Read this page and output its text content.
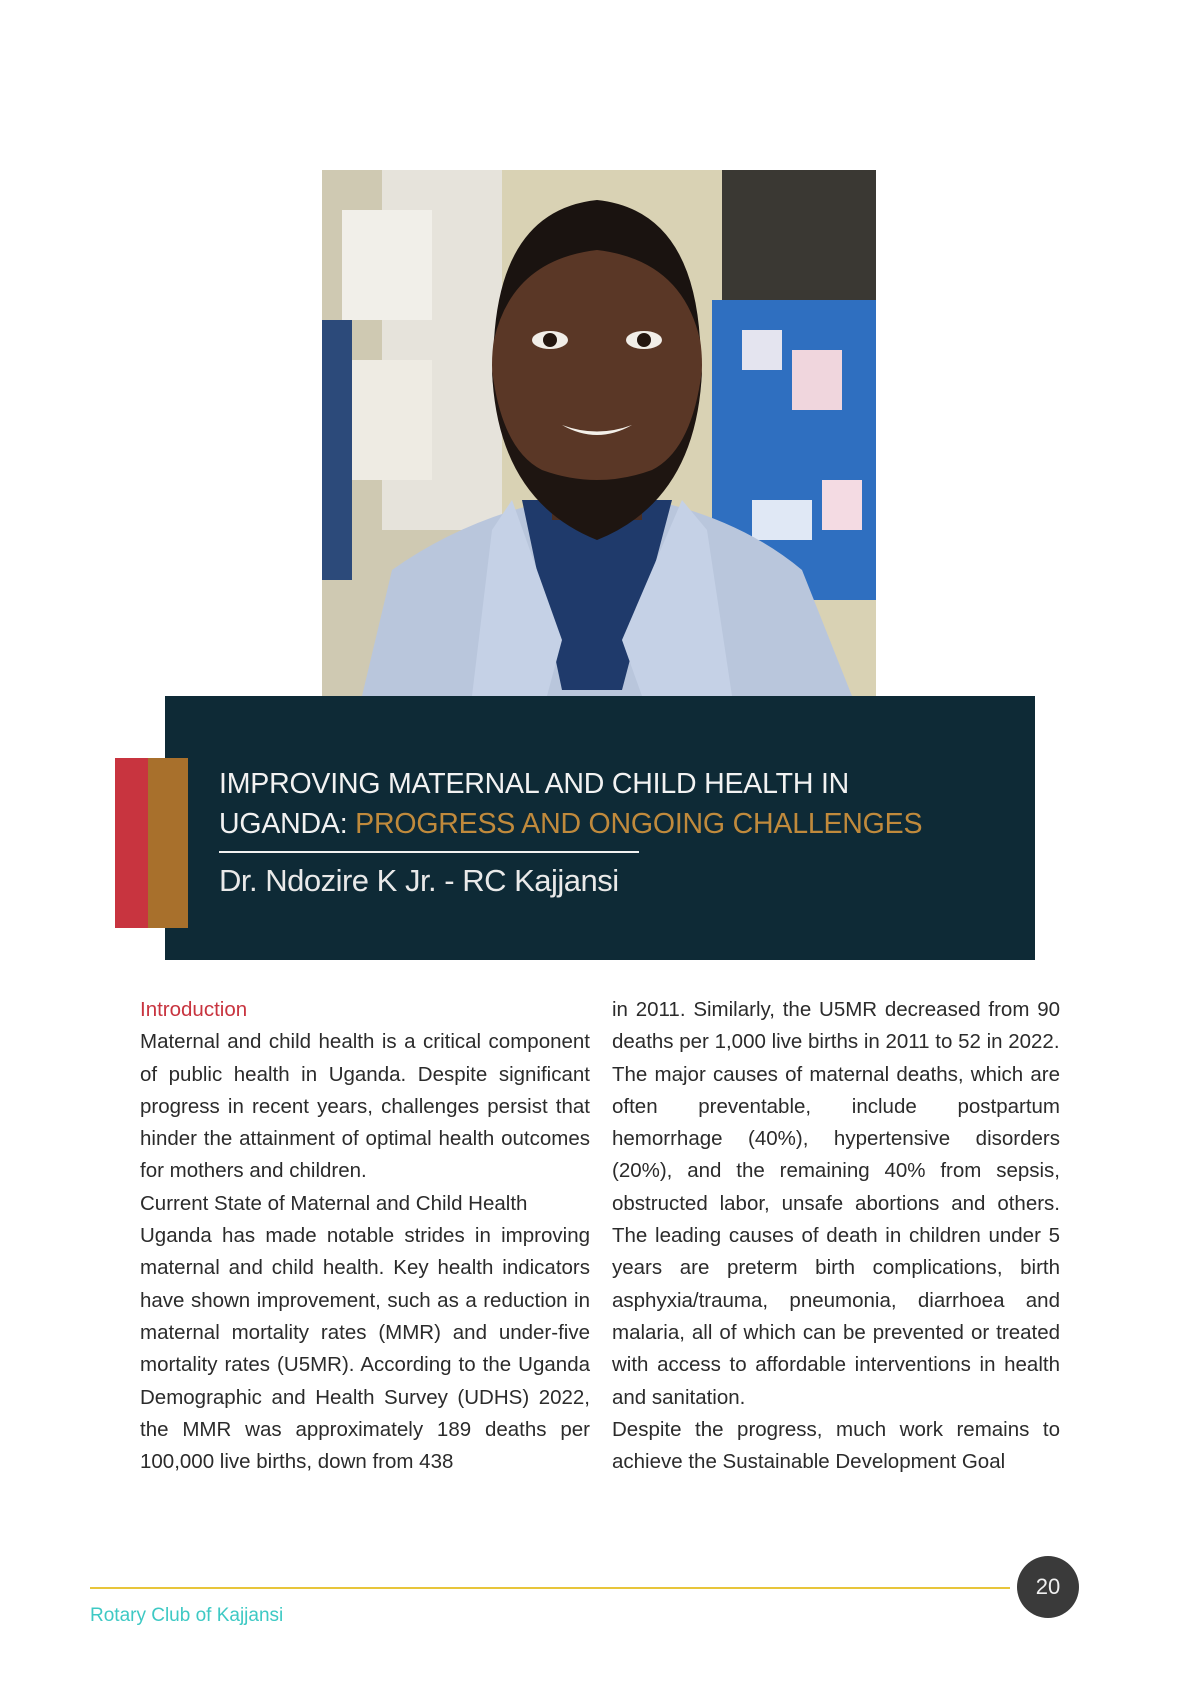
IMPROVING MATERNAL AND CHILD HEALTH IN
UGANDA: PROGRESS AND ONGOING CHALLENGES
Dr. Ndozire K Jr. - RC Kajjansi

Introduction

Maternal and child health is a critical component of public health in Uganda. Despite significant progress in recent years, challenges persist that hinder the attainment of optimal health outcomes for mothers and children.

Current State of Maternal and Child Health

Uganda has made notable strides in improving maternal and child health. Key health indicators have shown improvement, such as a reduction in maternal mortality rates (MMR) and under-five mortality rates (U5MR). According to the Uganda Demographic and Health Survey (UDHS) 2022, the MMR was approximately 189 deaths per 100,000 live births, down from 438

in 2011. Similarly, the U5MR decreased from 90 deaths per 1,000 live births in 2011 to 52 in 2022.

The major causes of maternal deaths, which are often preventable, include postpartum hemorrhage (40%), hypertensive disorders (20%), and the remaining 40% from sepsis, obstructed labor, unsafe abortions and others. The leading causes of death in children under 5 years are preterm birth complications, birth asphyxia/trauma, pneumonia, diarrhoea and malaria, all of which can be prevented or treated with access to affordable interventions in health and sanitation.

Despite the progress, much work remains to achieve the Sustainable Development Goal

20
Rotary Club of Kajjansi
